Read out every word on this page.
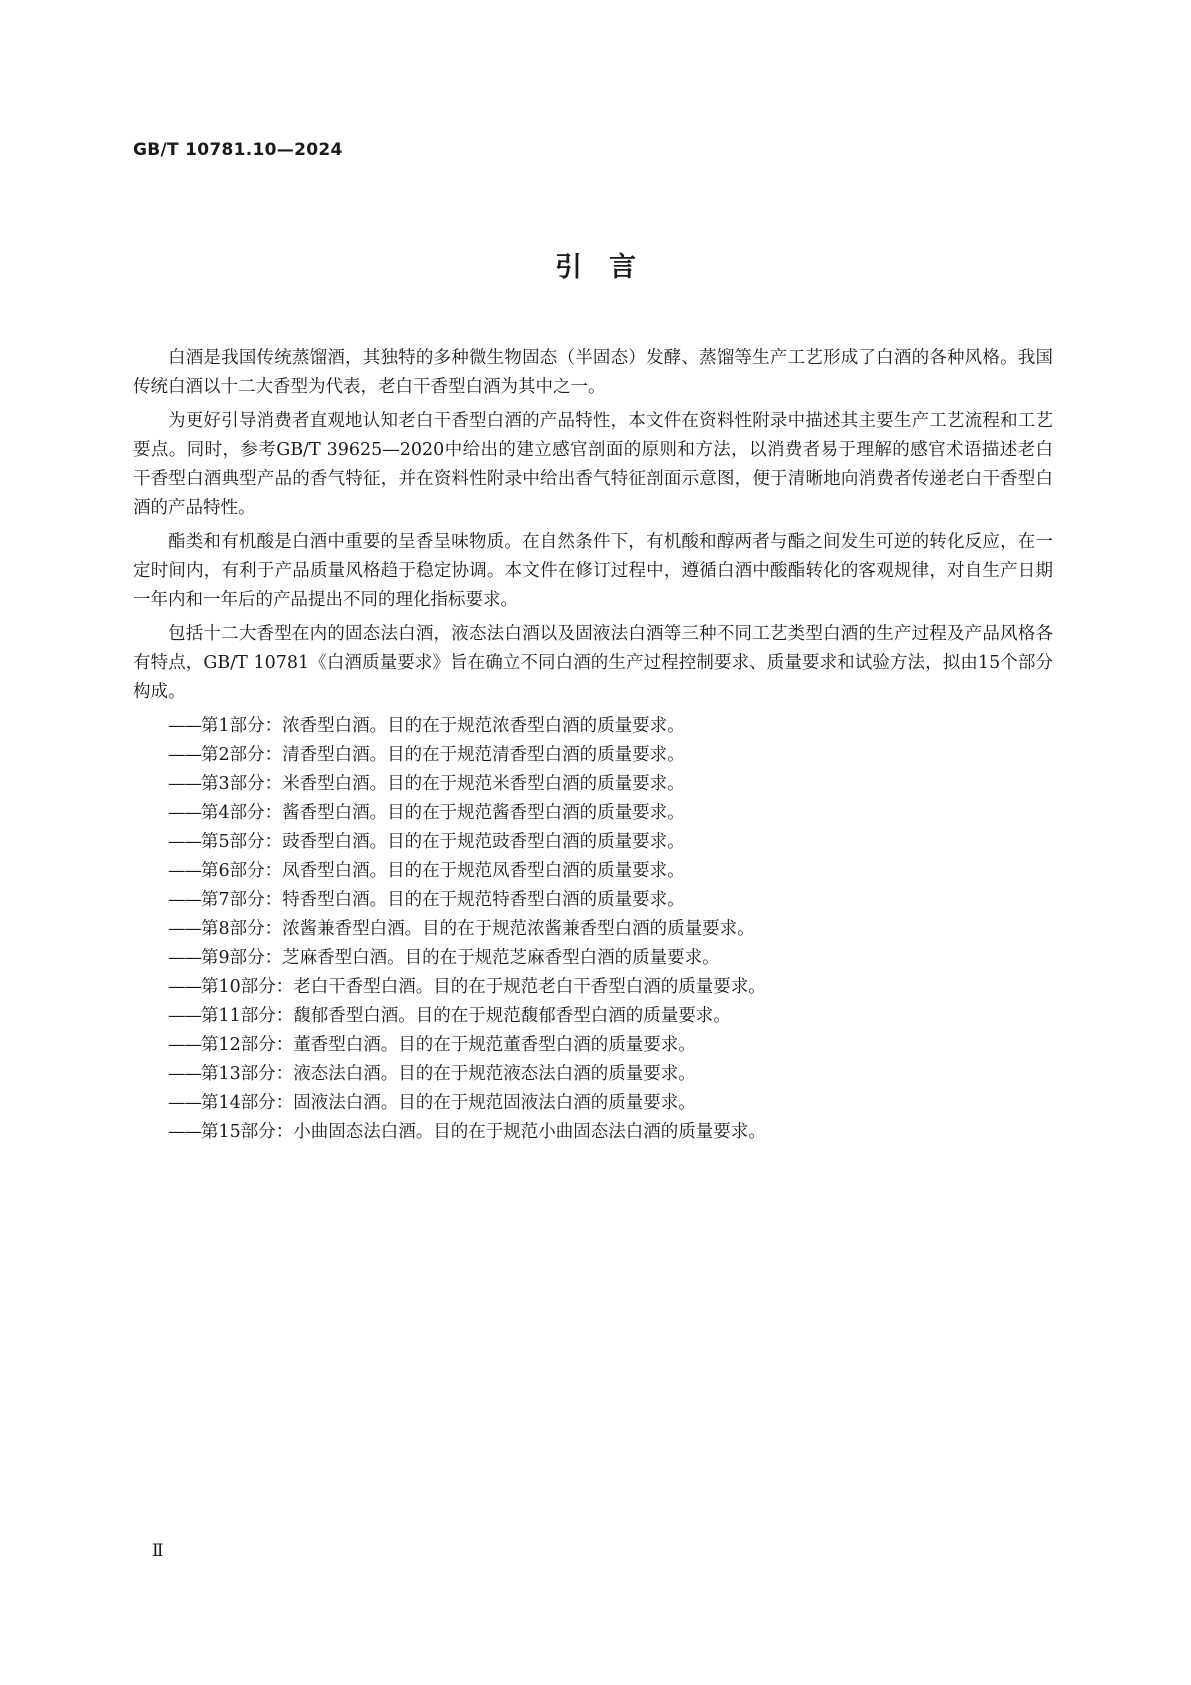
GB/T 10781.10—2024
引　言

白酒是我国传统蒸馏酒，其独特的多种微生物固态（半固态）发酵、蒸馏等生产工艺形成了白酒的各种风格。我国传统白酒以十二大香型为代表，老白干香型白酒为其中之一。

为更好引导消费者直观地认知老白干香型白酒的产品特性，本文件在资料性附录中描述其主要生产工艺流程和工艺要点。同时，参考GB/T 39625—2020中给出的建立感官剖面的原则和方法，以消费者易于理解的感官术语描述老白干香型白酒典型产品的香气特征，并在资料性附录中给出香气特征剖面示意图，便于清晰地向消费者传递老白干香型白酒的产品特性。

酯类和有机酸是白酒中重要的呈香呈味物质。在自然条件下，有机酸和醇两者与酯之间发生可逆的转化反应，在一定时间内，有利于产品质量风格趋于稳定协调。本文件在修订过程中，遵循白酒中酸酯转化的客观规律，对自生产日期一年内和一年后的产品提出不同的理化指标要求。

包括十二大香型在内的固态法白酒，液态法白酒以及固液法白酒等三种不同工艺类型白酒的生产过程及产品风格各有特点，GB/T 10781《白酒质量要求》旨在确立不同白酒的生产过程控制要求、质量要求和试验方法，拟由15个部分构成。

——第1部分：浓香型白酒。目的在于规范浓香型白酒的质量要求。
——第2部分：清香型白酒。目的在于规范清香型白酒的质量要求。
——第3部分：米香型白酒。目的在于规范米香型白酒的质量要求。
——第4部分：酱香型白酒。目的在于规范酱香型白酒的质量要求。
——第5部分：豉香型白酒。目的在于规范豉香型白酒的质量要求。
——第6部分：凤香型白酒。目的在于规范凤香型白酒的质量要求。
——第7部分：特香型白酒。目的在于规范特香型白酒的质量要求。
——第8部分：浓酱兼香型白酒。目的在于规范浓酱兼香型白酒的质量要求。
——第9部分：芝麻香型白酒。目的在于规范芝麻香型白酒的质量要求。
——第10部分：老白干香型白酒。目的在于规范老白干香型白酒的质量要求。
——第11部分：馥郁香型白酒。目的在于规范馥郁香型白酒的质量要求。
——第12部分：董香型白酒。目的在于规范董香型白酒的质量要求。
——第13部分：液态法白酒。目的在于规范液态法白酒的质量要求。
——第14部分：固液法白酒。目的在于规范固液法白酒的质量要求。
——第15部分：小曲固态法白酒。目的在于规范小曲固态法白酒的质量要求。
Ⅱ
